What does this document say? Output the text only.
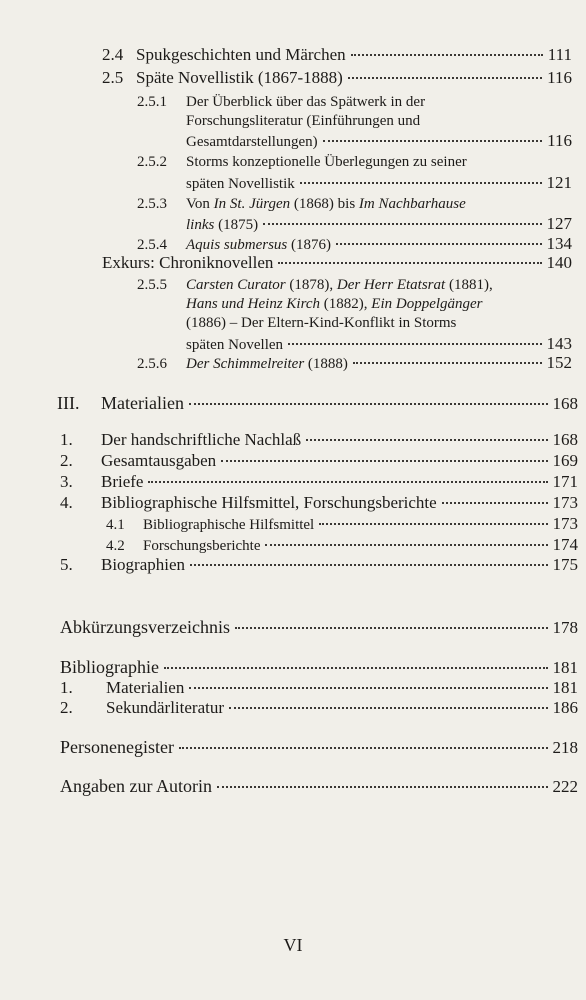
2.4 Spukgeschichten und Märchen	111
2.5 Späte Novellistik (1867-1888)	116
2.5.1 Der Überblick über das Spätwerk in der
Forschungsliteratur (Einführungen und
Gesamtdarstellungen)	116
2.5.2 Storms konzeptionelle Überlegungen zu seiner
späten Novellistik	121
2.5.3 Von In St. Jürgen (1868) bis Im Nachbarhause
links (1875)	127
2.5.4	Aquis submersus (1876)	134
Exkurs: Chroniknovellen	140
2.5.5 Carsten Curator (1878), Der Herr Etatsrat (1881),
Hans und Heinz Kirch (1882), Ein Doppelgänger
(1886) – Der Eltern-Kind-Konflikt in Storms
späten Novellen	143
2.5.6	Der Schimmelreiter (1888)	152
III.	Materialien	168
1.	Der handschriftliche Nachlaß	168
2.	Gesamtausgaben	169
3.	Briefe	171
4.	Bibliographische Hilfsmittel, Forschungsberichte	173
4.1	Bibliographische Hilfsmittel	173
4.2	Forschungsberichte	174
5.	Biographien	175
Abkürzungsverzeichnis	178
Bibliographie	181
1.	Materialien	181
2.	Sekundärliteratur	186
Personenegister	218
Angaben zur Autorin	222
VI
